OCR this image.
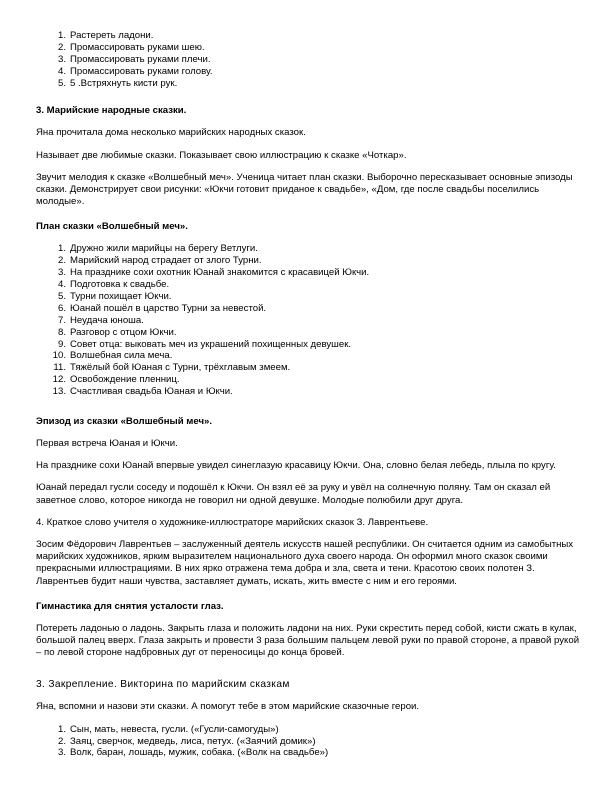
1 . Растереть ладони.
2 . Промассировать руками шею.
3 . Промассировать руками плечи.
4 . Промассировать руками голову.
5 . 5 .Встряхнуть кисти рук.
3. Марийские народные сказки.

Яна прочитала дома несколько марийских народных сказок.

Называет две любимые сказки. Показывает свою иллюстрацию к сказке «Чоткар».

Звучит мелодия к сказке «Волшебный меч». Ученица читает план сказки. Выборочно пересказывает основные эпизоды сказки. Демонстрирует свои рисунки: «Юкчи готовит приданое к свадьбе», «Дом, где после свадьбы поселились молодые».

План сказки «Волшебный меч».
1 . Дружно жили марийцы на берегу Ветлуги.
2 . Марийский народ страдает от злого Турни.
3 . На празднике сохи охотник Юанай знакомится с красавицей Юкчи.
4 . Подготовка к свадьбе.
5 . Турни похищает Юкчи.
6 . Юанай пошёл в царство Турни за невестой.
7 . Неудача юноша.
8 . Разговор с отцом Юкчи.
9 . Совет отца: выковать меч из украшений похищенных девушек.
10 . Волшебная сила меча.
11 . Тяжёлый бой Юаная с Турни, трёхглавым змеем.
12 . Освобождение пленниц.
13 . Счастливая свадьба Юаная и Юкчи.
Эпизод из сказки «Волшебный меч».

Первая встреча Юаная и Юкчи.

На празднике сохи Юанай впервые увидел синеглазую красавицу Юкчи. Она, словно белая лебедь, плыла по кругу.

Юанай передал гусли соседу и подошёл к Юкчи. Он взял её за руку и увёл на солнечную поляну. Там он сказал ей заветное слово, которое никогда не говорил ни одной девушке. Молодые полюбили друг друга.

4. Краткое слово учителя о художнике-иллюстраторе марийских сказок З. Лаврентьеве.

Зосим Фёдорович Лаврентьев – заслуженный деятель искусств нашей республики. Он считается одним из самобытных марийских художников, ярким выразителем национального духа своего народа. Он оформил много сказок своими прекрасными иллюстрациями. В них ярко отражена тема добра и зла, света и тени. Красотою своих полотен З. Лаврентьев будит наши чувства, заставляет думать, искать, жить вместе с ним и его героями.

Гимнастика для снятия усталости глаз.

Потереть ладонью о ладонь. Закрыть глаза и положить ладони на них. Руки скрестить перед собой, кисти сжать в кулак, большой палец вверх. Глаза закрыть и провести 3 раза большим пальцем левой руки по правой стороне, а правой рукой – по левой стороне надбровных дуг от переносицы до конца бровей.

3. Закрепление. Викторина по марийским сказкам

Яна, вспомни и назови эти сказки. А помогут тебе в этом марийские сказочные герои.

1 . Сын, мать, невеста, гусли. («Гусли-самогуды»)
2 . Заяц, сверчок, медведь, лиса, петух. («Заячий домик»)
3 . Волк, баран, лошадь, мужик, собака. («Волк на свадьбе»)
